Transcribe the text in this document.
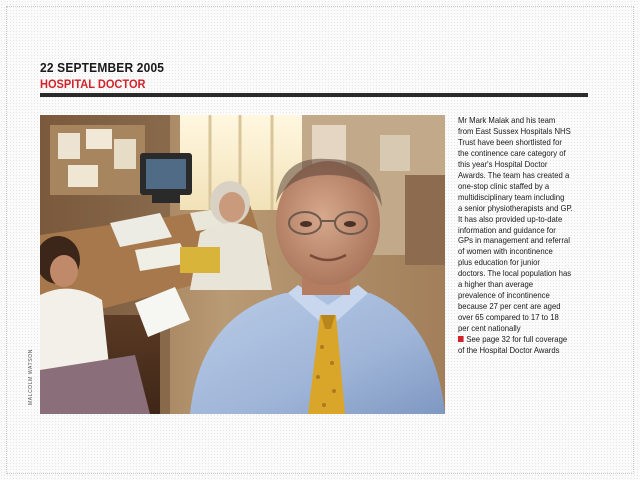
22 SEPTEMBER 2005
HOSPITAL DOCTOR
MALCOLM WATSON
Mr Mark Malak and his team
from East Sussex Hospitals NHS
Trust have been shortlisted for
the continence care category of
this year's Hospital Doctor
Awards. The team has created a
one-stop clinic staffed by a
multidisciplinary team including
a senior physiotherapists and GP.
It has also provided up-to-date
information and guidance for
GPs in management and referral
of women with incontinence
plus education for junior
doctors. The local population has
a higher than average
prevalence of incontinence
because 27 per cent are aged
over 65 compared to 17 to 18
per cent nationally
See page 32 for full coverage
of the Hospital Doctor Awards
